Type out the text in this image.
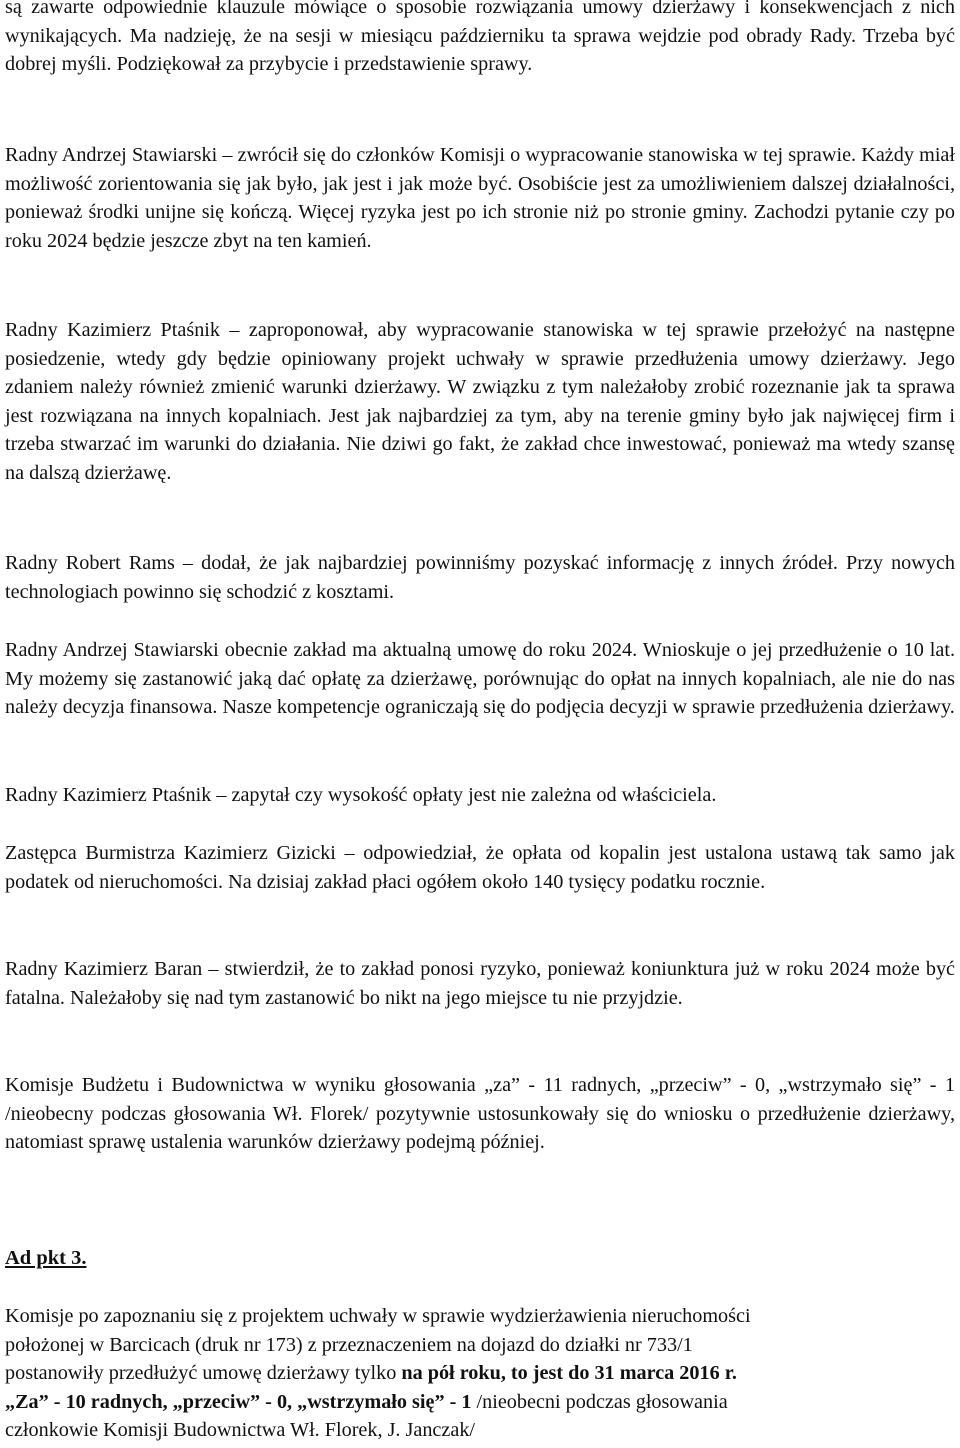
są zawarte odpowiednie klauzule mówiące o sposobie rozwiązania umowy dzierżawy i konsekwencjach z nich wynikających. Ma nadzieję, że na sesji w miesiącu październiku ta sprawa wejdzie pod obrady Rady. Trzeba być dobrej myśli. Podziękował za przybycie i przedstawienie sprawy.

Radny Andrzej Stawiarski – zwrócił się do członków Komisji o wypracowanie stanowiska w tej sprawie. Każdy miał możliwość zorientowania się jak było, jak jest i jak może być. Osobiście jest za umożliwieniem dalszej działalności, ponieważ środki unijne się kończą. Więcej ryzyka jest po ich stronie niż po stronie gminy. Zachodzi pytanie czy po roku 2024 będzie jeszcze zbyt na ten kamień.

Radny Kazimierz Ptaśnik – zaproponował, aby wypracowanie stanowiska w tej sprawie przełożyć na następne posiedzenie, wtedy gdy będzie opiniowany projekt uchwały w sprawie przedłużenia umowy dzierżawy. Jego zdaniem należy również zmienić warunki dzierżawy. W związku z tym należałoby zrobić rozeznanie jak ta sprawa jest rozwiązana na innych kopalniach. Jest jak najbardziej za tym, aby na terenie gminy było jak najwięcej firm i trzeba stwarzać im warunki do działania. Nie dziwi go fakt, że zakład chce inwestować, ponieważ ma wtedy szansę na dalszą dzierżawę.

Radny Robert Rams – dodał, że jak najbardziej powinniśmy pozyskać informację z innych źródeł. Przy nowych technologiach powinno się schodzić z kosztami.

Radny Andrzej Stawiarski obecnie zakład ma aktualną umowę do roku 2024. Wnioskuje o jej przedłużenie o 10 lat. My możemy się zastanowić jaką dać opłatę za dzierżawę, porównując do opłat na innych kopalniach, ale nie do nas należy decyzja finansowa. Nasze kompetencje ograniczają się do podjęcia decyzji w sprawie przedłużenia dzierżawy.

Radny Kazimierz Ptaśnik – zapytał czy wysokość opłaty jest nie zależna od właściciela.

Zastępca Burmistrza Kazimierz Gizicki – odpowiedział, że opłata od kopalin jest ustalona ustawą tak samo jak podatek od nieruchomości. Na dzisiaj zakład płaci ogółem około 140 tysięcy podatku rocznie.

Radny Kazimierz Baran – stwierdził, że to zakład ponosi ryzyko, ponieważ koniunktura już w roku 2024 może być fatalna. Należałoby się nad tym zastanowić bo nikt na jego miejsce tu nie przyjdzie.

Komisje Budżetu i Budownictwa w wyniku głosowania „za” - 11 radnych, „przeciw” - 0, „wstrzymało się” - 1 /nieobecny podczas głosowania Wł. Florek/ pozytywnie ustosunkowały się do wniosku o przedłużenie dzierżawy, natomiast sprawę ustalenia warunków dzierżawy podejmą później.

Ad pkt 3.

Komisje po zapoznaniu się z projektem uchwały w sprawie wydzierżawienia nieruchomości
położonej w Barcicach (druk nr 173) z przeznaczeniem na dojazd do działki nr 733/1
postanowiły przedłużyć umowę dzierżawy tylko na pół roku, to jest do 31 marca 2016 r.
„Za” - 10 radnych, „przeciw” - 0, „wstrzymało się” - 1 /nieobecni podczas głosowania
członkowie Komisji Budownictwa Wł. Florek, J. Janczak/
